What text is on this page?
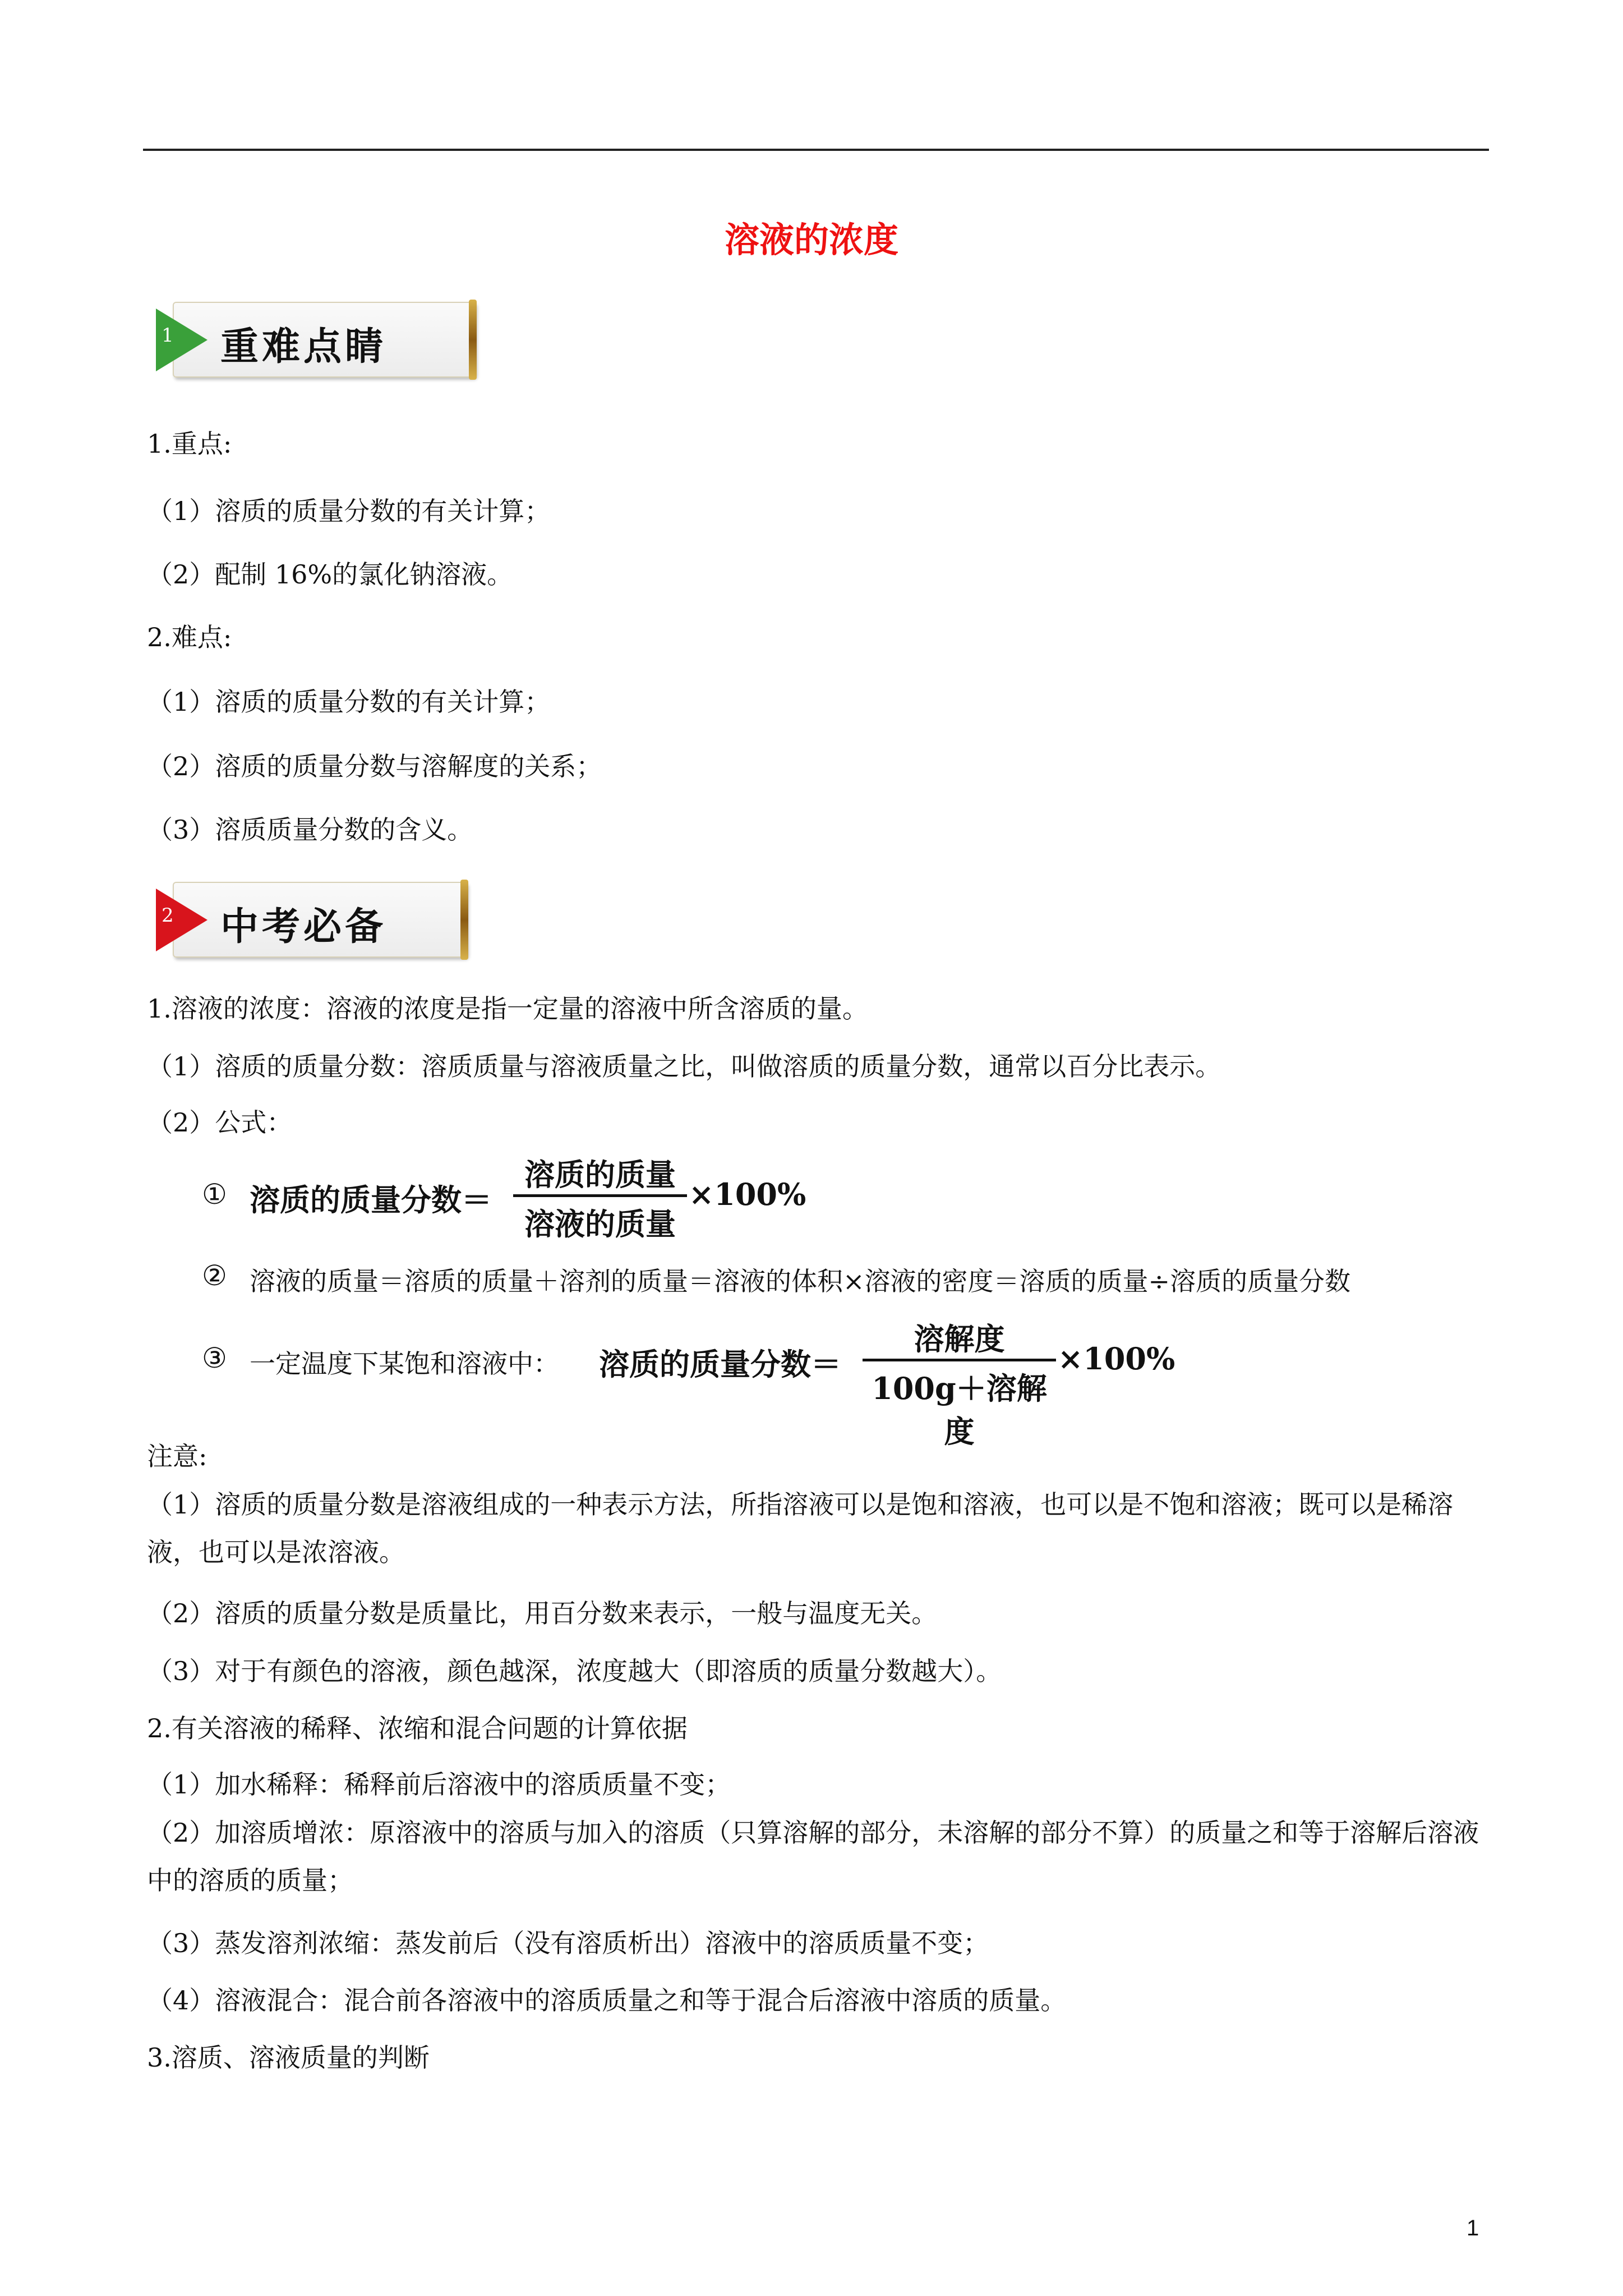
溶液的浓度
1 重难点睛
1.重点:
（1）溶质的质量分数的有关计算；
（2）配制 16%的氯化钠溶液。
2.难点:
（1）溶质的质量分数的有关计算；
（2）溶质的质量分数与溶解度的关系；
（3）溶质质量分数的含义。
2 中考必备
1.溶液的浓度：溶液的浓度是指一定量的溶液中所含溶质的量。
（1）溶质的质量分数：溶质质量与溶液质量之比，叫做溶质的质量分数，通常以百分比表示。
（2）公式：
① 溶质的质量分数＝
溶质的质量
溶液的质量
×100%
② 溶液的质量＝溶质的质量＋溶剂的质量＝溶液的体积×溶液的密度＝溶质的质量÷溶质的质量分数
③ 一定温度下某饱和溶液中： 溶质的质量分数＝
溶解度
100g＋溶解度
×100%
注意:
（1）溶质的质量分数是溶液组成的一种表示方法，所指溶液可以是饱和溶液，也可以是不饱和溶液；既可以是稀溶液，也可以是浓溶液。
（2）溶质的质量分数是质量比，用百分数来表示，一般与温度无关。
（3）对于有颜色的溶液，颜色越深，浓度越大（即溶质的质量分数越大）。
2.有关溶液的稀释、浓缩和混合问题的计算依据
（1）加水稀释：稀释前后溶液中的溶质质量不变；
（2）加溶质增浓：原溶液中的溶质与加入的溶质（只算溶解的部分，未溶解的部分不算）的质量之和等于溶解后溶液中的溶质的质量；
（3）蒸发溶剂浓缩：蒸发前后（没有溶质析出）溶液中的溶质质量不变；
（4）溶液混合：混合前各溶液中的溶质质量之和等于混合后溶液中溶质的质量。
3.溶质、溶液质量的判断
1
